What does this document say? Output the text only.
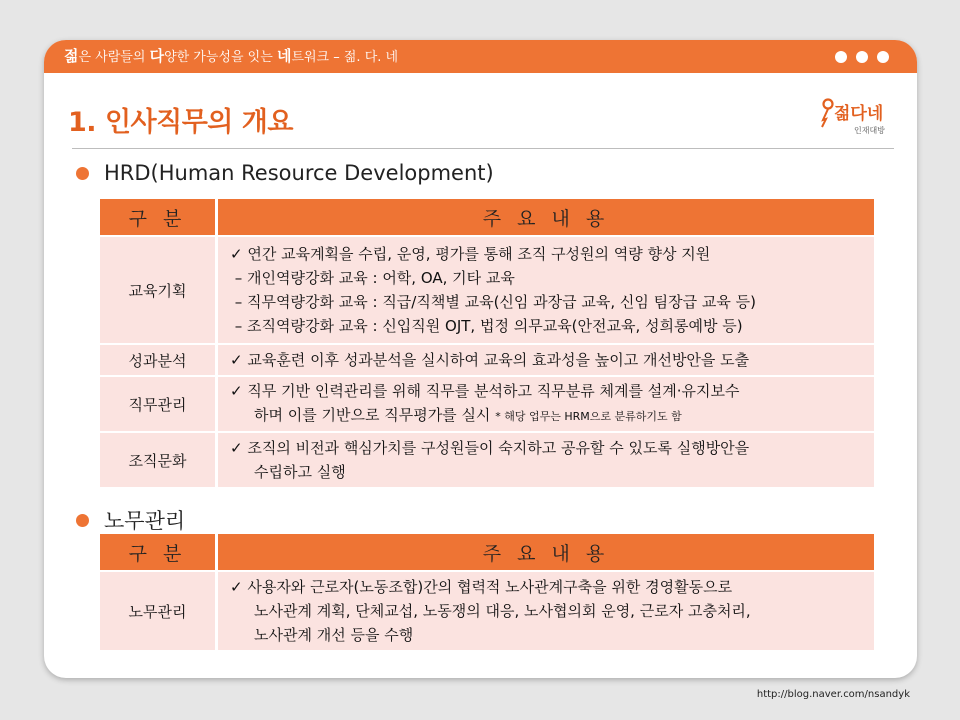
젊은 사람들의 다양한 가능성을 잇는 네트워크 – 젊. 다. 네
1. 인사직무의 개요	젊다네
인재대방
HRD(Human Resource Development)
구 분	주 요 내 용
교육기획	✓ 연간 교육계획을 수립, 운영, 평가를 통해 조직 구성원의 역량 향상 지원
– 개인역량강화 교육 : 어학, OA, 기타 교육
– 직무역량강화 교육 : 직급/직책별 교육(신임 과장급 교육, 신임 팀장급 교육 등)
– 조직역량강화 교육 : 신입직원 OJT, 법정 의무교육(안전교육, 성희롱예방 등)

성과분석	✓ 교육훈련 이후 성과분석을 실시하여 교육의 효과성을 높이고 개선방안을 도출

직무관리	✓ 직무 기반 인력관리를 위해 직무를 분석하고 직무분류 체계를 설계·유지보수
하며 이를 기반으로 직무평가를 실시 * 해당 업무는 HRM으로 분류하기도 함

조직문화	✓ 조직의 비전과 핵심가치를 구성원들이 숙지하고 공유할 수 있도록 실행방안을
수립하고 실행
노무관리
구 분	주 요 내 용
노무관리	✓ 사용자와 근로자(노동조합)간의 협력적 노사관계구축을 위한 경영활동으로
노사관계 계획, 단체교섭, 노동쟁의 대응, 노사협의회 운영, 근로자 고충처리,
노사관계 개선 등을 수행
http://blog.naver.com/nsandyk
